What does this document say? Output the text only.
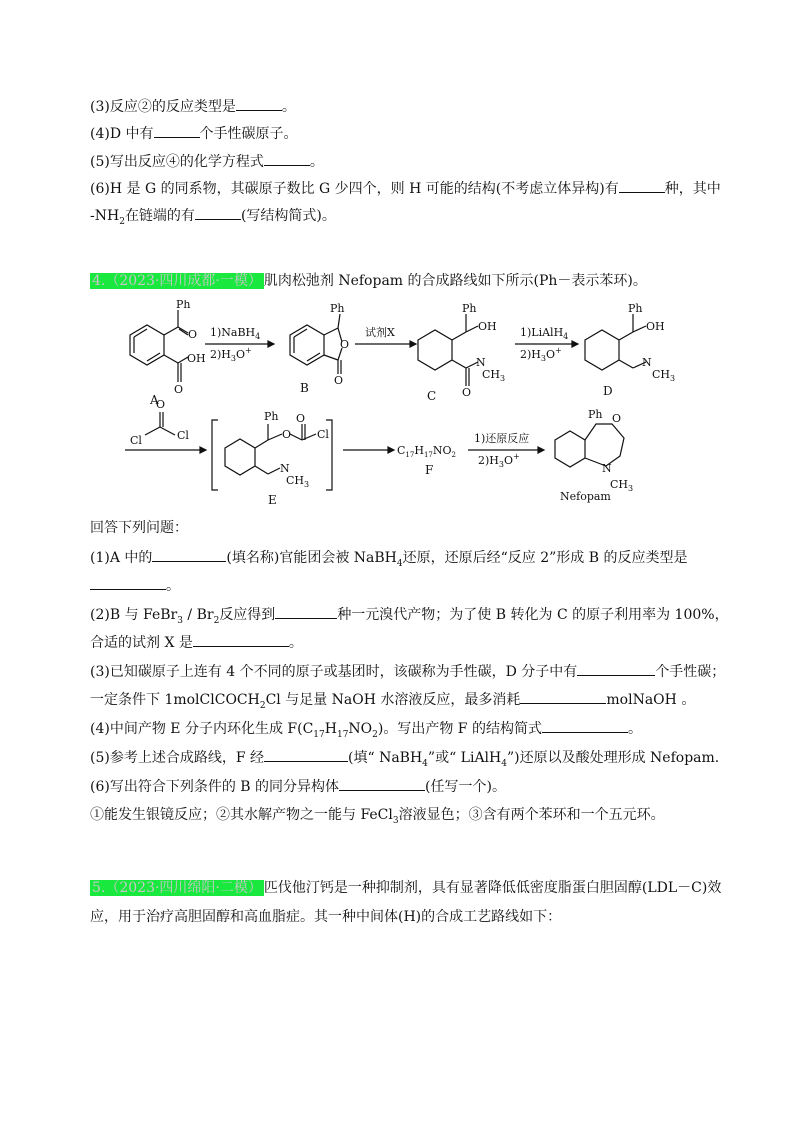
(3)反应②的反应类型是	。
(4)D 中有	个手性碳原子。
(5)写出反应④的化学方程式	。
(6)H 是 G 的同系物，其碳原子数比 G 少四个，则 H 可能的结构(不考虑立体异构)有	种，其中
$-NH_2$在链端的有	(写结构简式)。
4.（2023·四川成都·一模） 肌肉松弛剂 Nefopam 的合成路线如下所示(Ph－表示苯环)。
Ph
O
OH
O
A
1)NaBH$_4$
$2)H_3O^+$
Ph
O
O
B
试剂X
Ph
OH
N
$CH_3$
O
C
1)LiAlH$_4$
$2)H_3O^+$
Ph
OH
N
$CH_3$
D
O
Cl	Cl
Ph
O
O
Cl
N
$CH_3$
E
$C_{17}H_{17}NO_2$
F
1)还原反应
$2)H_3O^+$
Ph O
N
$CH_3$
Nefopam
回答下列问题：
(1)A 中的	(填名称)官能团会被 NaBH$_4$还原，还原后经“反应 2”形成 B 的反应类型是
。
(2)B 与 FeBr$_3$ / $Br_2$反应得到	种一元溴代产物；为了使 B 转化为 C 的原子利用率为 100%，
合适的试剂 X 是	。
(3)已知碳原子上连有 4 个不同的原子或基团时，该碳称为手性碳，D 分子中有	个手性碳；
一定条件下 1molClCOCH$_2$Cl 与足量 NaOH 水溶液反应，最多消耗	molNaOH 。
(4)中间产物 E 分子内环化生成 $F(C_{17}H_{17}NO_2)$。写出产物 F 的结构简式	。
(5)参考上述合成路线，F 经	(填“ NaBH$_4$”或“ LiAlH$_4$”)还原以及酸处理形成 Nefopam.
(6)写出符合下列条件的 B 的同分异构体	(任写一个)。
①能发生银镜反应；②其水解产物之一能与 FeCl$_3$溶液显色；③含有两个苯环和一个五元环。
5.（2023·四川绵阳·二模） 匹伐他汀钙是一种抑制剂，具有显著降低低密度脂蛋白胆固醇(LDL－C)效
应，用于治疗高胆固醇和高血脂症。其一种中间体(H)的合成工艺路线如下：
